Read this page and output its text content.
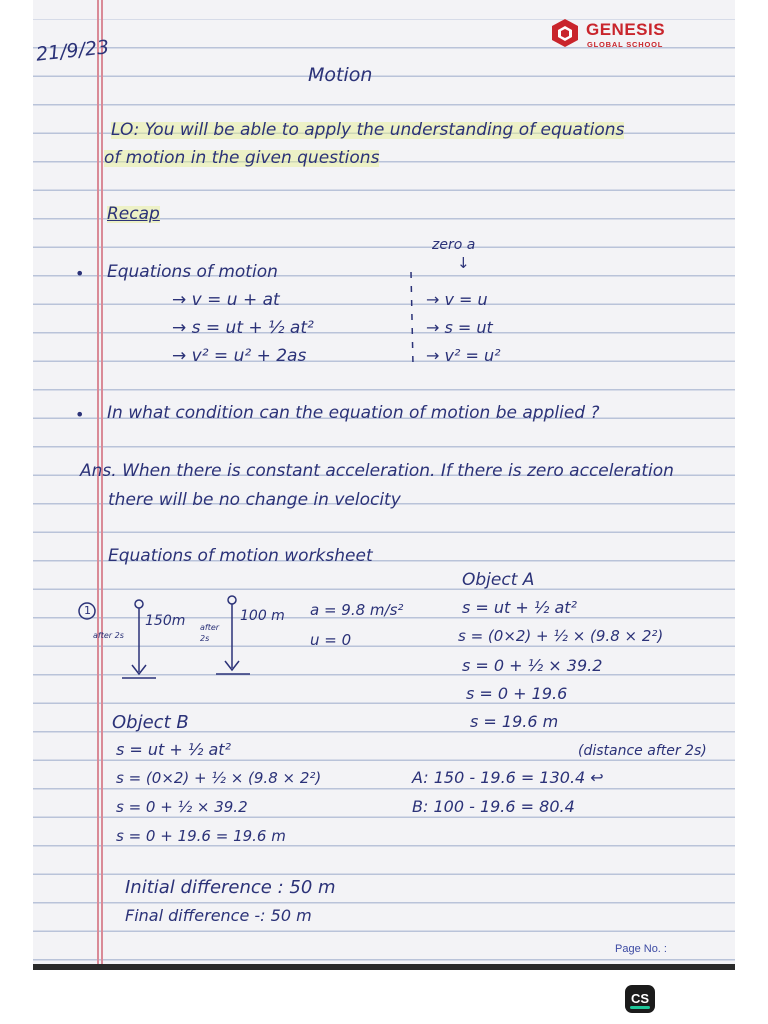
GENESIS
GLOBAL SCHOOL
21/9/23
Motion
LO: You will be able to apply the understanding of equations
of motion in the given questions
Recap
zero a
↓
• Equations of motion
→ v = u + at
→ s = ut + ½ at²
→ v² = u² + 2as
→ v = u
→ s = ut
→ v² = u²
• In what condition can the equation of motion be applied ?
Ans. When there is constant acceleration. If there is zero acceleration
there will be no change in velocity
Equations of motion worksheet
1
150m	100 m
after 2s
after 2s
a = 9.8 m/s²
u = 0
Object A
s = ut + ½ at²
s = (0×2) + ½ × (9.8 × 2²)
s = 0 + ½ × 39.2
s = 0 + 19.6
s = 19.6 m
(distance after 2s)
Object B
s = ut + ½ at²
s = (0×2) + ½ × (9.8 × 2²)
s = 0 + ½ × 39.2
s = 0 + 19.6 = 19.6 m
A: 150 - 19.6 = 130.4 ↩
B: 100 - 19.6 = 80.4
Initial difference : 50 m
Final difference -: 50 m
Page No. :
CS
